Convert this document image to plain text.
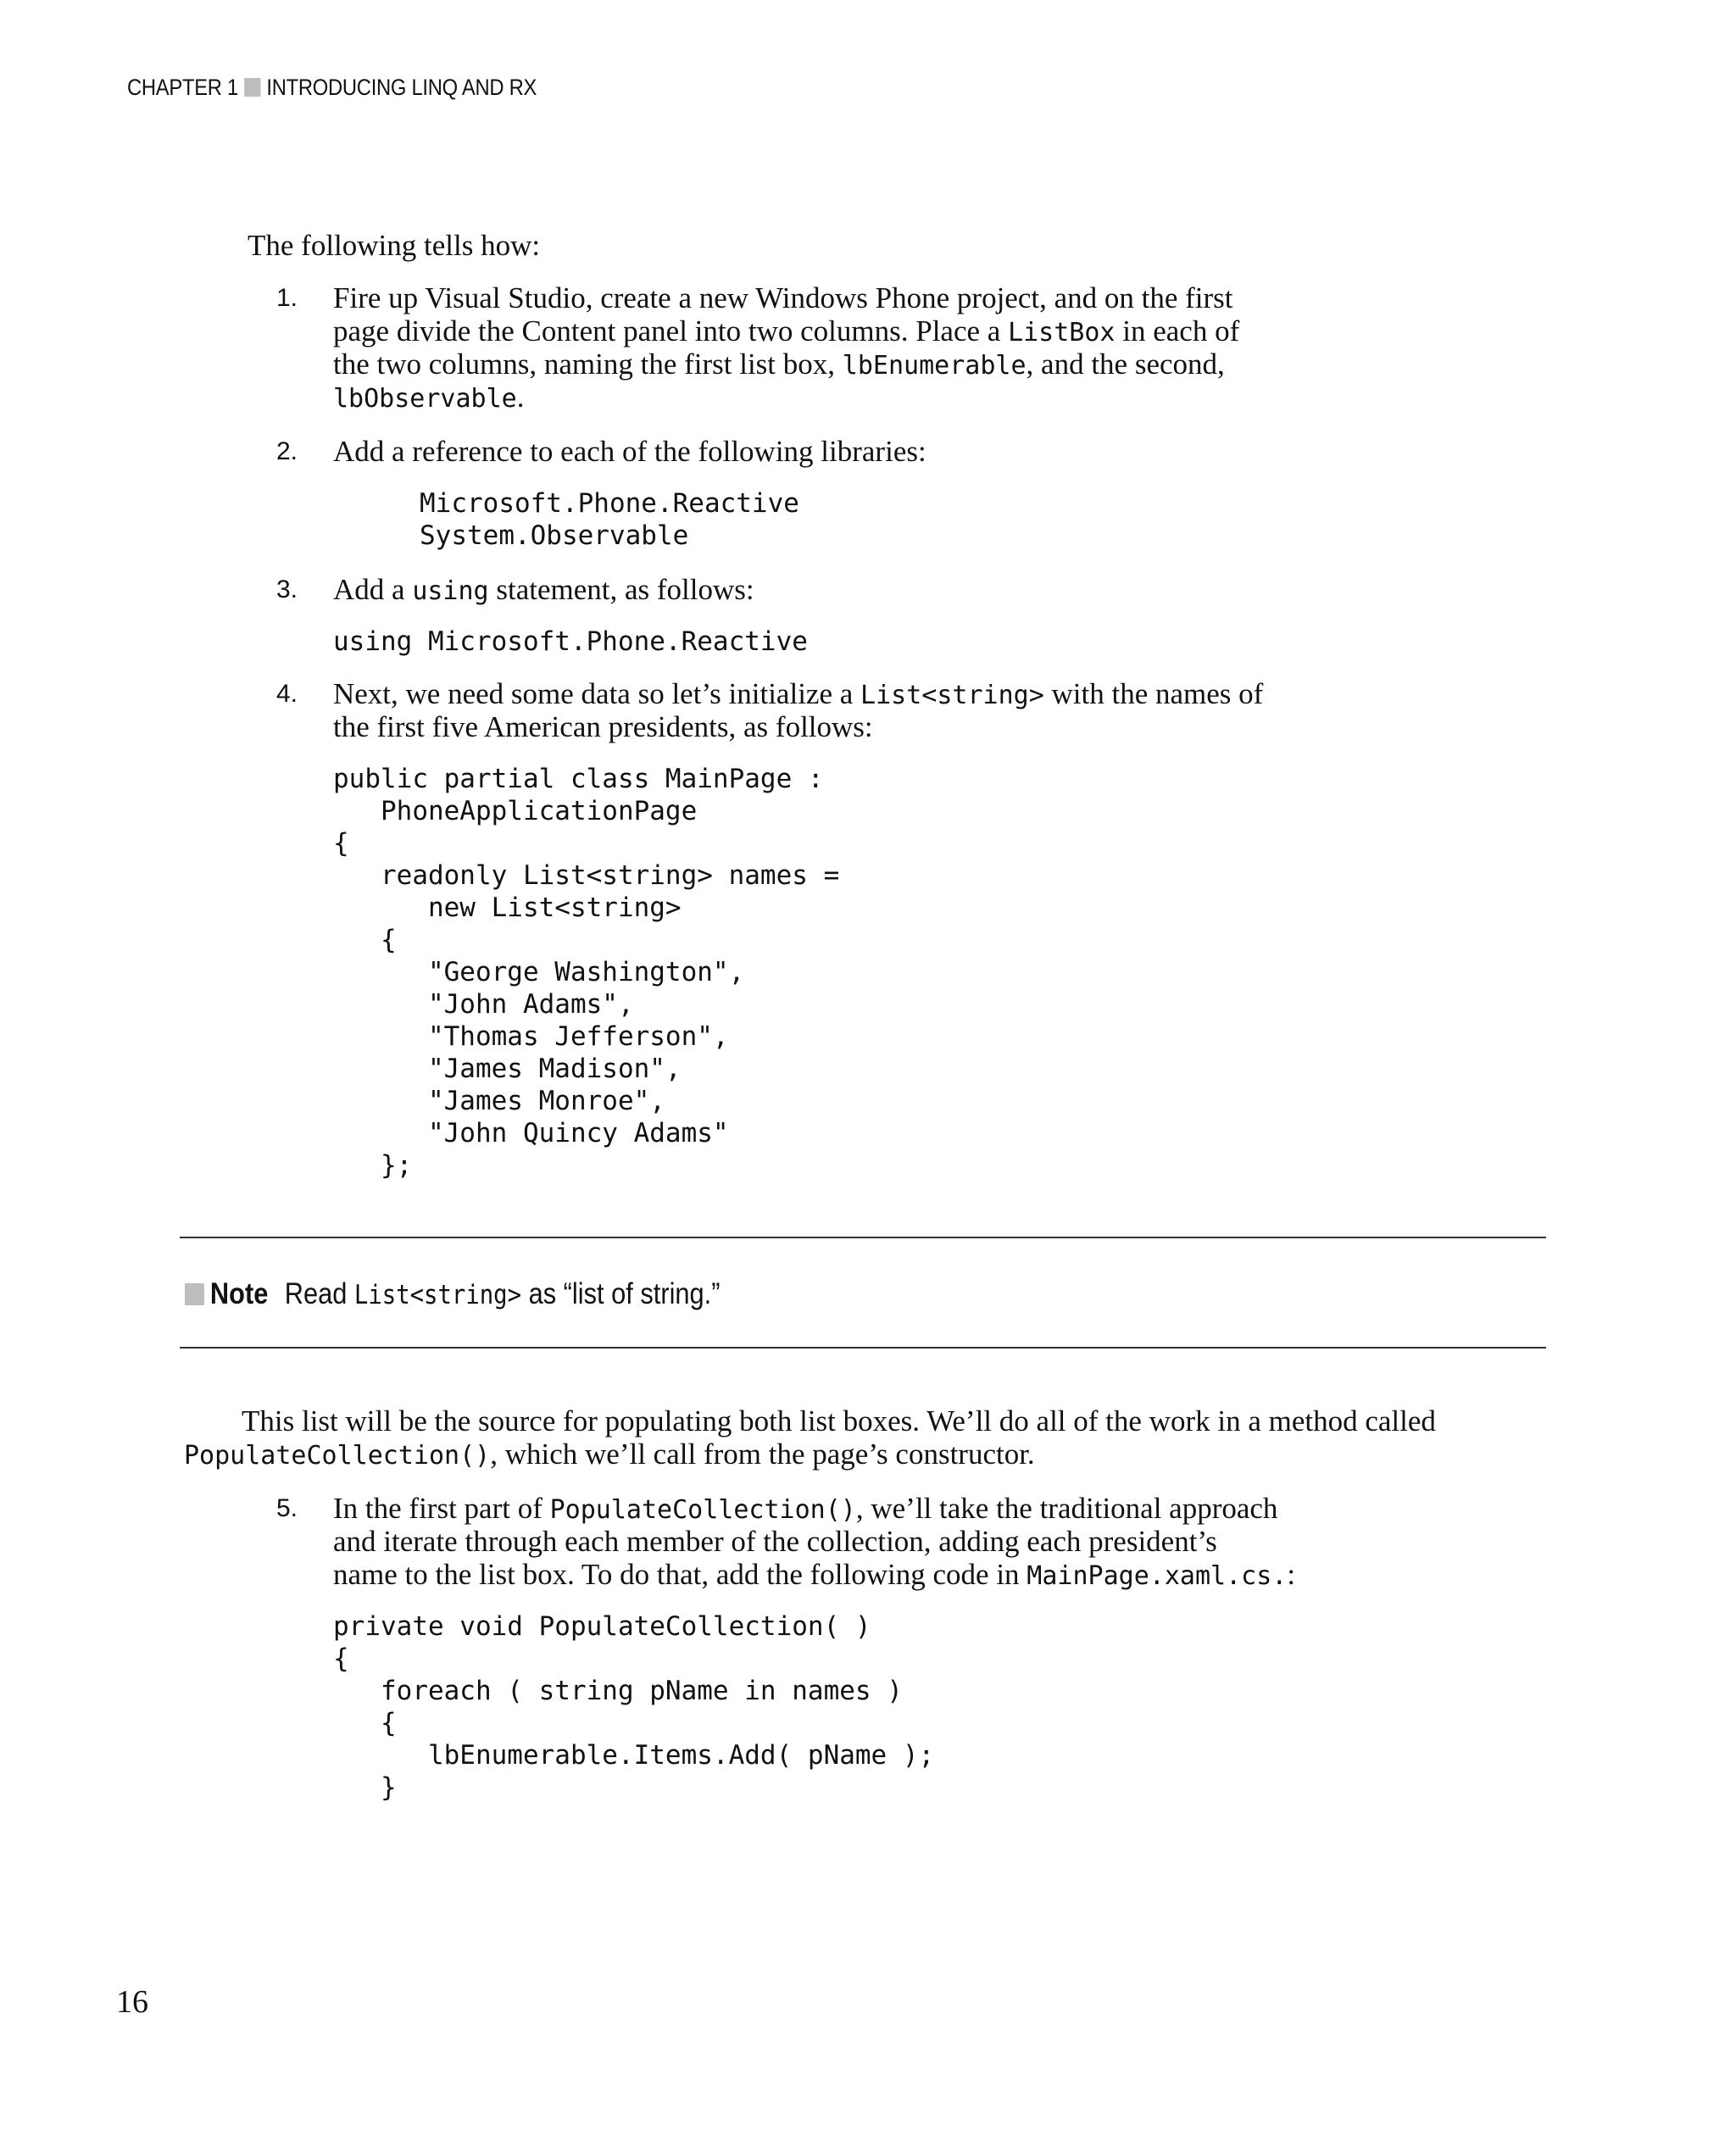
CHAPTER 1 INTRODUCING LINQ AND RX
The following tells how:
1. Fire up Visual Studio, create a new Windows Phone project, and on the first
page divide the Content panel into two columns. Place a ListBox in each of
the two columns, naming the first list box, lbEnumerable, and the second,
lbObservable.
2. Add a reference to each of the following libraries:
Microsoft.Phone.Reactive
System.Observable
3. Add a using statement, as follows:
using Microsoft.Phone.Reactive
4. Next, we need some data so let’s initialize a List<string> with the names of
the first five American presidents, as follows:
public partial class MainPage :
PhoneApplicationPage
{
readonly List<string> names =
new List<string>
{
"George Washington",
"John Adams",
"Thomas Jefferson",
"James Madison",
"James Monroe",
"John Quincy Adams"
};
Note Read List<string> as “list of string.”
This list will be the source for populating both list boxes. We’ll do all of the work in a method called
PopulateCollection(), which we’ll call from the page’s constructor.
5. In the first part of PopulateCollection(), we’ll take the traditional approach
and iterate through each member of the collection, adding each president’s
name to the list box. To do that, add the following code in MainPage.xaml.cs.:
private void PopulateCollection( )
{
foreach ( string pName in names )
{
lbEnumerable.Items.Add( pName );
}
16
